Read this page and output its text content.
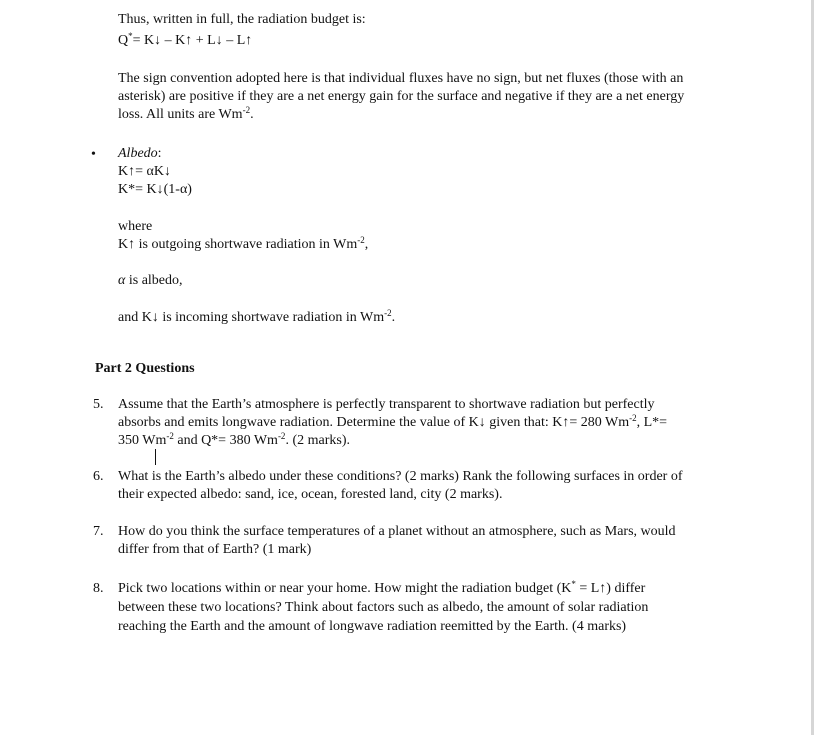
Thus, written in full, the radiation budget is:
Q*= K↓ – K↑ + L↓ – L↑
The sign convention adopted here is that individual fluxes have no sign, but net fluxes (those with an
asterisk) are positive if they are a net energy gain for the surface and negative if they are a net energy
loss. All units are $Wm^{-2}$.
• Albedo:
K↑= αK↓
K*= K↓(1-α)
where
K↑ is outgoing shortwave radiation in $Wm^{-2}$,
α is albedo,
and K↓ is incoming shortwave radiation in $Wm^{-2}$.
Part 2 Questions
5. Assume that the Earth’s atmosphere is perfectly transparent to shortwave radiation but perfectly
absorbs and emits longwave radiation. Determine the value of K↓ given that: K↑= 280 $Wm^{-2}$, L*=
350 $Wm^{-2}$ and Q*= 380 $Wm^{-2}$. (2 marks).
6. What is the Earth’s albedo under these conditions? (2 marks) Rank the following surfaces in order of
their expected albedo: sand, ice, ocean, forested land, city (2 marks).
7. How do you think the surface temperatures of a planet without an atmosphere, such as Mars, would
differ from that of Earth? (1 mark)
8. Pick two locations within or near your home. How might the radiation budget (K* = L↑) differ
between these two locations? Think about factors such as albedo, the amount of solar radiation
reaching the Earth and the amount of longwave radiation reemitted by the Earth. (4 marks)
